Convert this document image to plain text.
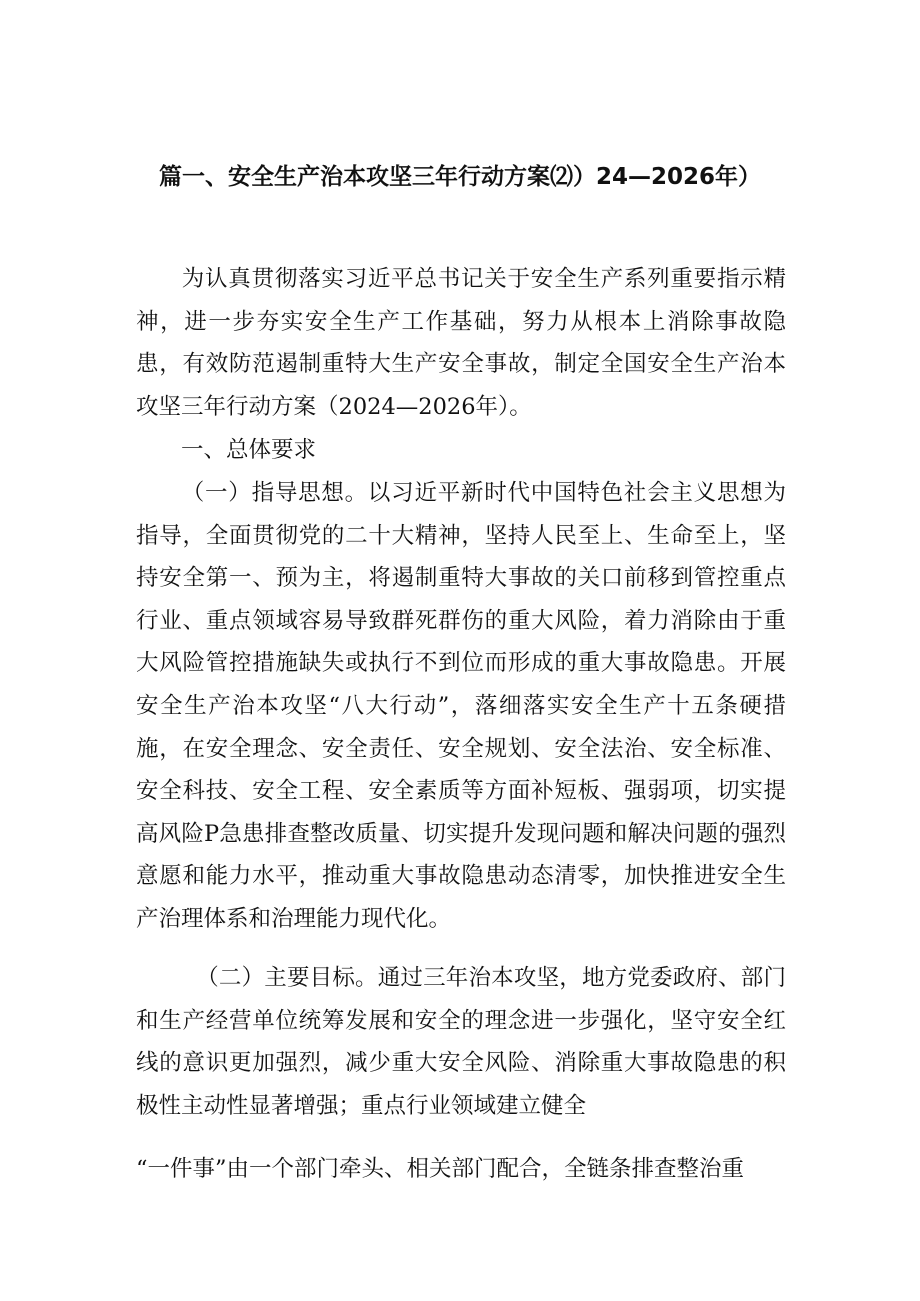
篇一、安全生产治本攻坚三年行动方案⑵）24—2026年）
为认真贯彻落实习近平总书记关于安全生产系列重要指示精神，进一步夯实安全生产工作基础，努力从根本上消除事故隐患，有效防范遏制重特大生产安全事故，制定全国安全生产治本攻坚三年行动方案（2024—2026年）。
一、总体要求
（一）指导思想。以习近平新时代中国特色社会主义思想为指导，全面贯彻党的二十大精神，坚持人民至上、生命至上，坚持安全第一、预为主，将遏制重特大事故的关口前移到管控重点行业、重点领域容易导致群死群伤的重大风险，着力消除由于重大风险管控措施缺失或执行不到位而形成的重大事故隐患。开展安全生产治本攻坚“八大行动”，落细落实安全生产十五条硬措施，在安全理念、安全责任、安全规划、安全法治、安全标准、安全科技、安全工程、安全素质等方面补短板、强弱项，切实提高风险P急患排查整改质量、切实提升发现问题和解决问题的强烈意愿和能力水平，推动重大事故隐患动态清零，加快推进安全生产治理体系和治理能力现代化。
（二）主要目标。通过三年治本攻坚，地方党委政府、部门和生产经营单位统筹发展和安全的理念进一步强化，坚守安全红线的意识更加强烈，减少重大安全风险、消除重大事故隐患的积极性主动性显著增强；重点行业领域建立健全
“一件事”由一个部门牵头、相关部门配合，全链条排查整治重
